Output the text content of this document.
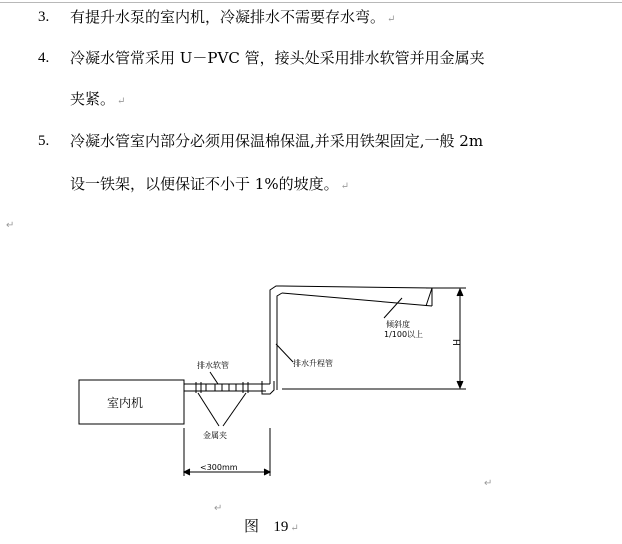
3. 有提升水泵的室内机，冷凝排水不需要存水弯。 ↵
4. 冷凝水管常采用 U－PVC 管，接头处采用排水软管并用金属夹
夹紧。 ↵
5. 冷凝水管室内部分必须用保温棉保温,并采用铁架固定,一般 2m
设一铁架，以便保证不小于 1%的坡度。 ↵
↵
室内机
排水软管	排水升程管
倾斜度
1/100以上
H
金属夹
<300mm
↵
↵
图 19 ↵
